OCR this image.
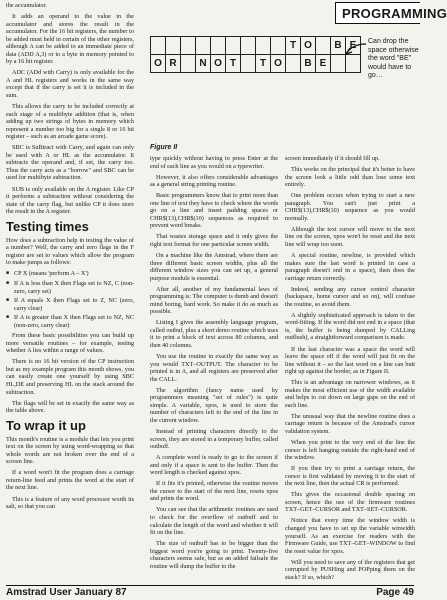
PROGRAMMING

the accumulator.

It adds an operand to the value in the accumulator and stores the result in the accumulator. For the 16 bit registers, the number to be added must held in certain of the other registers, although A can be added to an immediate piece of data (ADD A,3) or to a byte in memory pointed to by a 16 bit register.

ADC (ADd with Carry) is only available for the A and HL registers and works in the same way except that if the carry is set it is included in the sum.

This allows the carry to be included correctly at each stage of a multibyte addition (that is, when adding up two strings of bytes in memory which represent a number too big for a single 8 or 16 bit register – such as an arcade game score).

SBC is SuBtract with Carry, and again can only be used with A or HL as the accumulator. It subtracts the operand and, if set, the carry too. Thus the carry acts as a "borrow" and SBC can be used for multibyte subtraction.

SUB is only available on the A register. Like CP it performs a subtraction without considering the state of the carry flag, but unlike CP it does store the result in the A register.

Testing times

How does a subtraction help in testing the value of a number? Well, the carry and zero flags in the F register are set to values which allow the program to make jumps as follows:

■ CP X (means 'perform A – X')
■ If A is less than X then Flags set to NZ, C (non-zero, carry set)
■ If A equals X then Flags set to Z, NC (zero, carry clear)
■ If A is greater than X then Flags set to NZ, NC (non-zero, carry clear)

From these basic possibilities you can build up more versatile routines – for example, testing whether A lies within a range of values.

There is no 16 bit version of the CP instruction but as my example program this month shows, you can easily create one yourself by using SBC HL,DE and preserving HL on the stack around the subtraction.

The flags will be set in exactly the same way as the table above.

To wrap it up

This month's routine is a module that lets you print text on the screen by using word-wrapping so that whole words are not broken over the end of a screen line.

If a word won't fit the program does a carriage return-line feed and prints the word at the start of the next line.

This is a feature of any word processor worth its salt, so that you can

									T	O		B	E
O	R		N	O	T		T	O		B	E		
Can drop the space otherwise the word "BE" would have to go…
Figure II

type quickly without having to press Enter at the end of each line as you would on a typewriter.

However, it also offers considerable advantages as a general string printing routine.

Basic programmers know that to print more than one line of text they have to check where the words go on a line and insert padding spaces or CHR$(13),CHR$(10) sequences as required to prevent word breaks.

That wastes storage space and it only gives the right text format for one particular screen width.

On a machine like the Amstrad, where there are three different basic screen widths, plus all the different window sizes you can set up, a general purpose module is essential.

After all, another of my fundamental laws of programming is: The computer is dumb and doesn't mind boring, hard work. So make it do as much as possible.

Listing I gives the assembly language program, called outbuf, plus a short demo routine which uses it to print a block of text across 80 columns, and then 40 columns.

You use the routine in exactly the same way as you would TXT–OUTPUT. The character to be printed is in A, and all registers are preserved after the CALL.

The algorithm (fancy name used by programmers meaning "set of rules") is quite simple. A variable, xpos, is used to store the number of characters left to the end of the line in the current window.

Instead of printing characters directly to the screen, they are stored in a temporary buffer, called outbuff.

A complete word is ready to go to the screen if and only if a space is sent to the buffer. Then the word length is checked against xpos.

If it fits it's printed, otherwise the routine moves the cursor to the start of the next line, resets xpos and prints the word.

You can see that the arithmetic routines are used to check for the overflow of outbuff and to calculate the length of the word and whether it will fit on the line.

The size of outbuff has to be bigger than the biggest word you're going to print. Twenty-five characters seems safe, but as an added failsafe the routine will dump the buffer to the

screen immediately if it should fill up.

This works on the principal that it's better to have the screen look a little odd than lose some text entirely.

One problem occurs when trying to start a new paragraph. You can't just print a CHR$(13),CHR$(10) sequence as you would normally.

Although the text cursor will move to the next line on the screen, xpos won't be reset and the next line will wrap too soon.

A special routine, newline, is provided which makes sure the last word is printed in case a paragraph doesn't end in a space), then does the carriage return correctly.

Indeed, sending any cursor control character (backspace, home cursor and so on), will confuse the routine, so avoid them.

A slightly sophisticated approach is taken to the word-fitting. If the word did not end in a space (that is, the buffer is being dumped by CALLing outflush), a straightforward comparison is made.

If the last character was a space the word will leave the space off if the word will just fit on the line without it – so the last word on a line can butt right up against the border, as in Figure II.

This is an advantage on narrower windows, as it makes the most efficient use of the width available and helps to cut down on large gaps on the end of each line.

The unusual way that the newline routine does a carriage return is because of the Amstrad's cursor validation system.

When you print to the very end of the line the cursor is left hanging outside the right-hand end of the window.

If you then try to print a carriage return, the cursor is first validated by moving it to the start of the next line, then the actual CR is performed.

This gives the occasional double spacing on screen, hence the use of the firmware routines TXT–GET–CURSOR and TXT–SET–CURSOR.

Notice that every time the window width is changed you have to set up the variable winwidth yourself. As an exercise for readers with the Firmware Guide, use TXT–GET–WINDOW to find the reset value for xpos.

Will you need to save any of the registers that get corrupted by PUSHing and POPping them on the stack? If so, which?

Amstrad User January 87	Page 49
